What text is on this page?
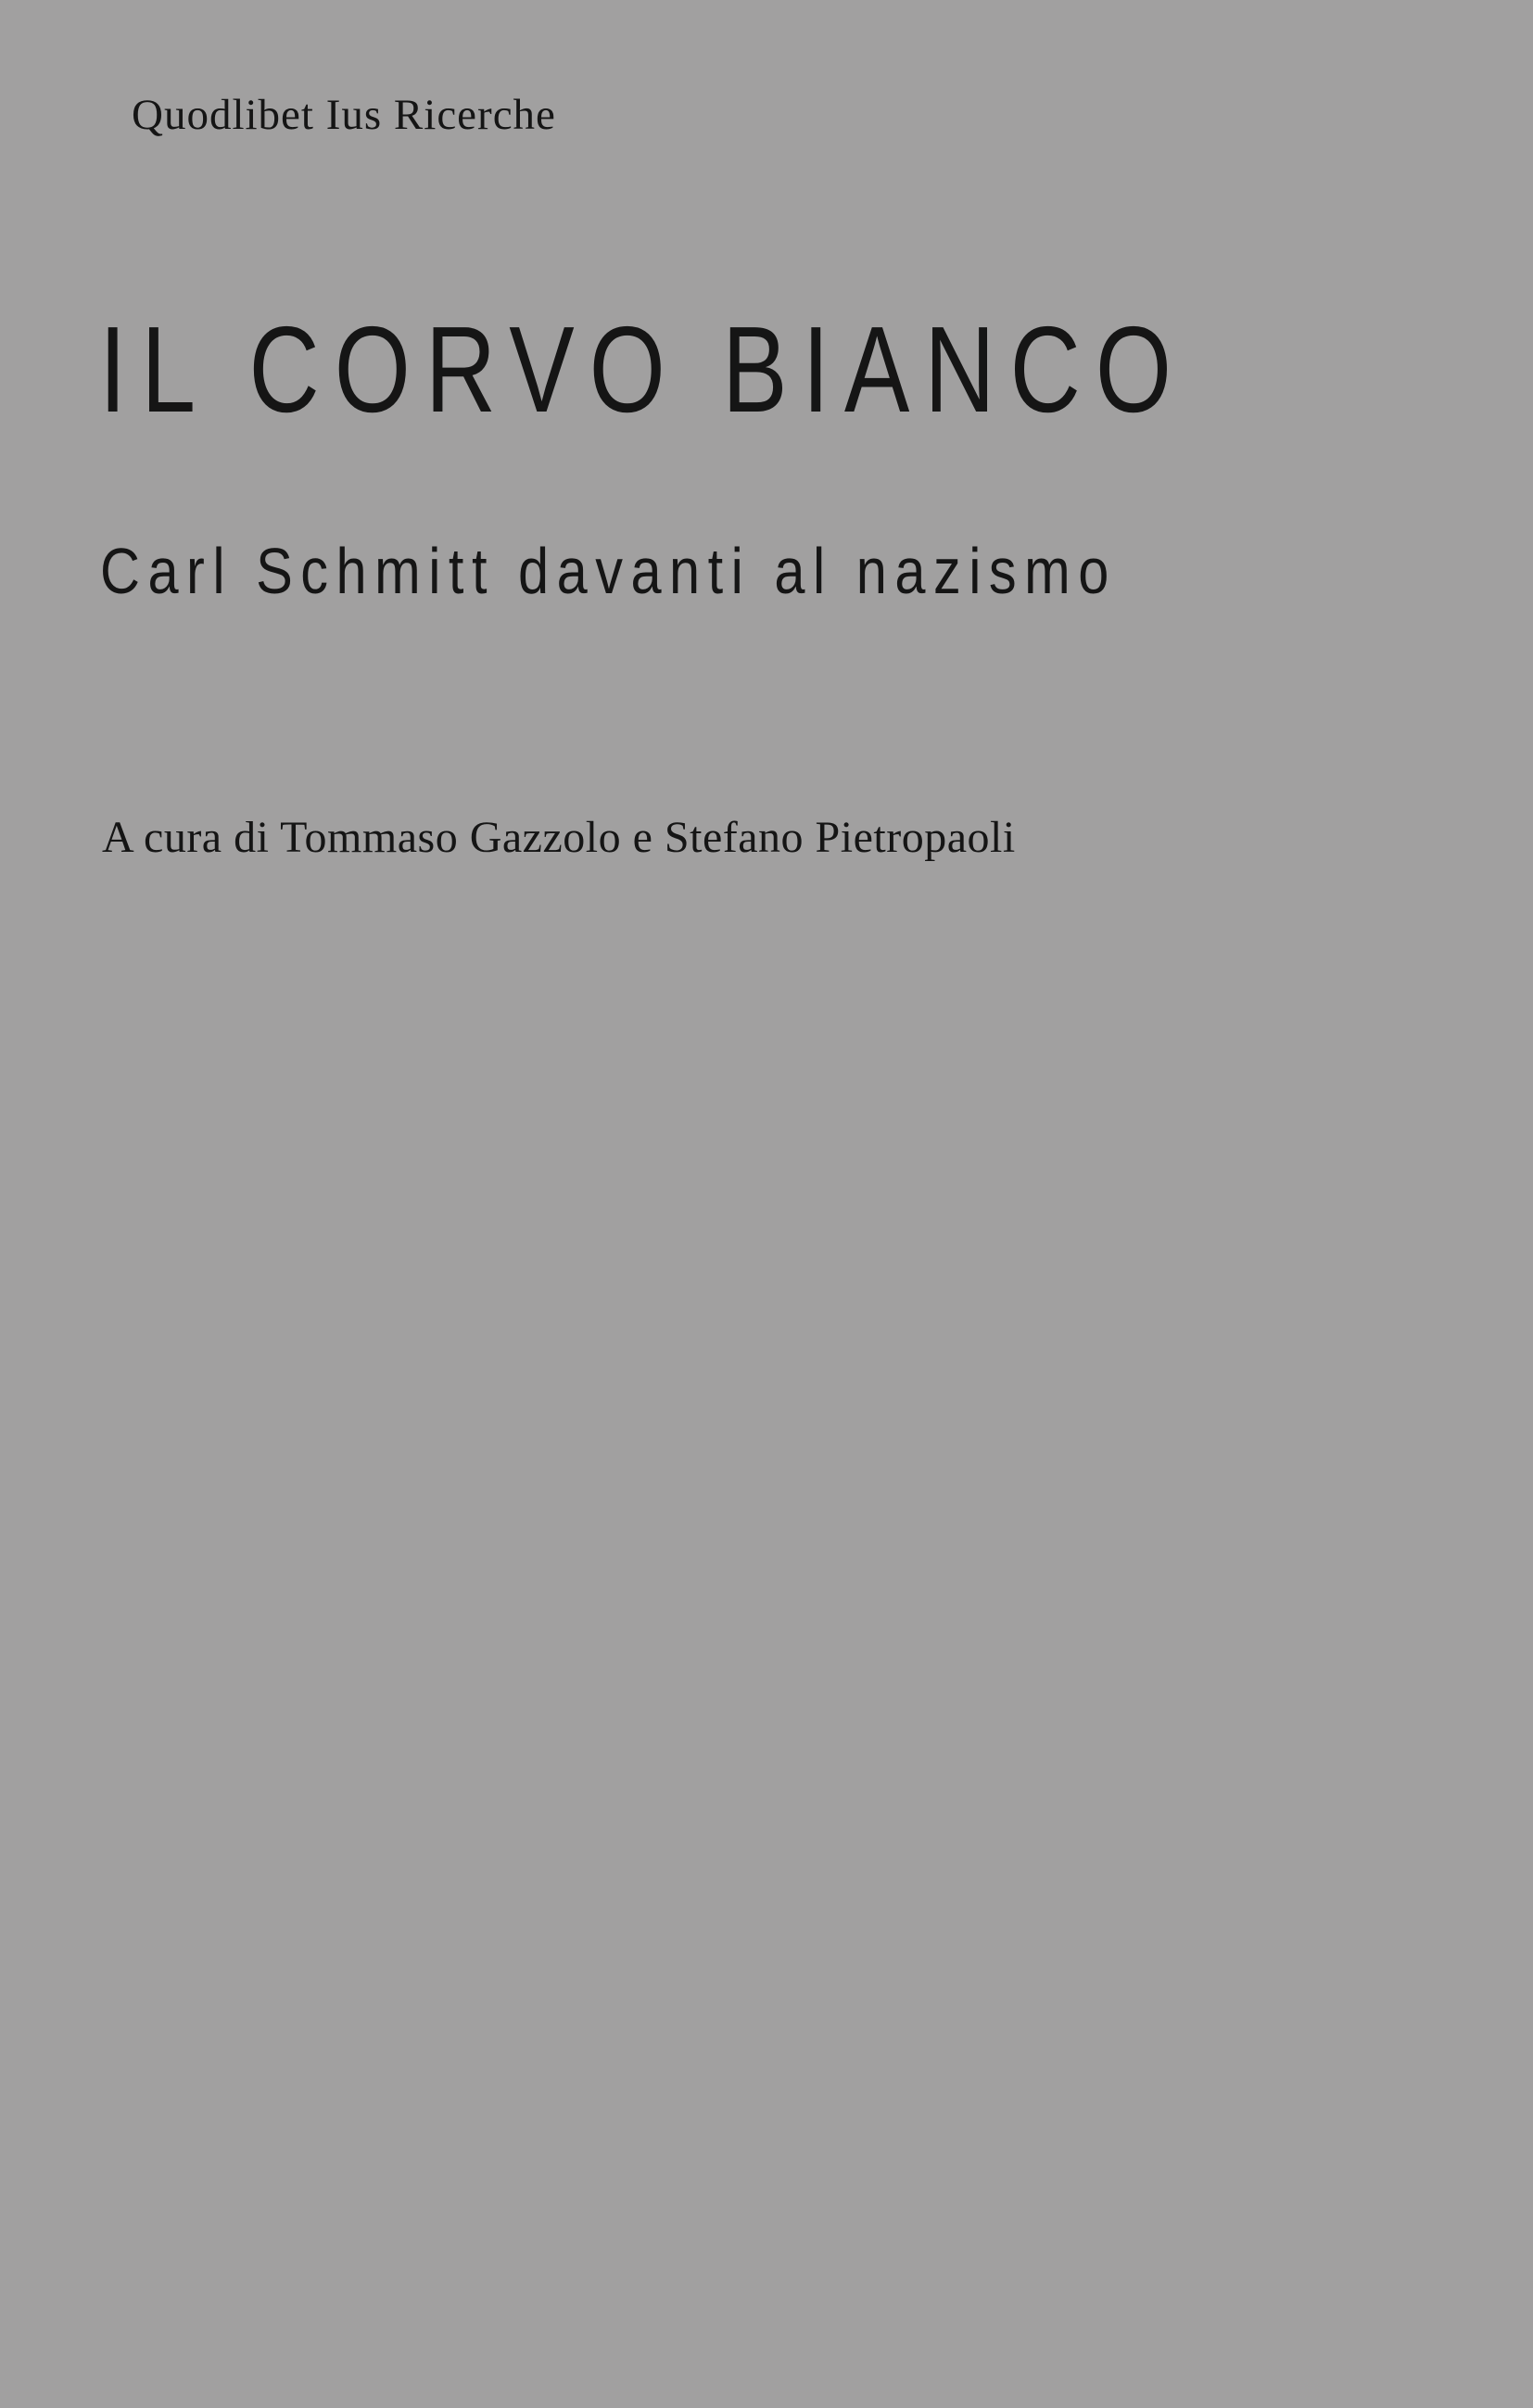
Quodlibet Ius Ricerche
IL CORVO BIANCO
Carl Schmitt davanti al nazismo
A cura di Tommaso Gazzolo e Stefano Pietropaoli
